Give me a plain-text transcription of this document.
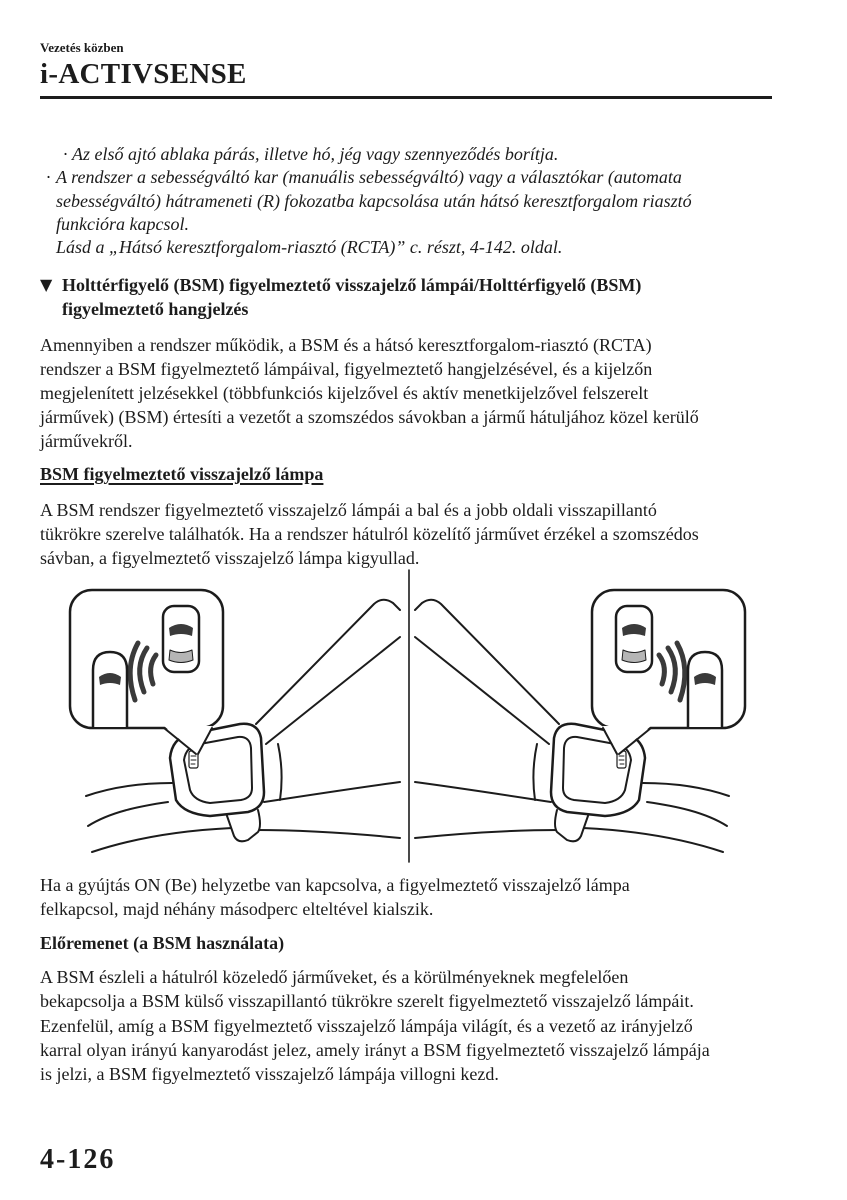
Vezetés közben
i-ACTIVSENSE
· Az első ajtó ablaka párás, illetve hó, jég vagy szennyeződés borítja.
· A rendszer a sebességváltó kar (manuális sebességváltó) vagy a választókar (automata
sebességváltó) hátrameneti (R) fokozatba kapcsolása után hátsó keresztforgalom riasztó
funkcióra kapcsol.
Lásd a „Hátsó keresztforgalom-riasztó (RCTA)” c. részt, 4-142. oldal.
▼ Holttérfigyelő (BSM) figyelmeztető visszajelző lámpái/Holttérfigyelő (BSM)
figyelmeztető hangjelzés
Amennyiben a rendszer működik, a BSM és a hátsó keresztforgalom-riasztó (RCTA)
rendszer a BSM figyelmeztető lámpáival, figyelmeztető hangjelzésével, és a kijelzőn
megjelenített jelzésekkel (többfunkciós kijelzővel és aktív menetkijelzővel felszerelt
járművek) (BSM) értesíti a vezetőt a szomszédos sávokban a jármű hátuljához közel kerülő
járművekről.
BSM figyelmeztető visszajelző lámpa
A BSM rendszer figyelmeztető visszajelző lámpái a bal és a jobb oldali visszapillantó
tükrökre szerelve találhatók. Ha a rendszer hátulról közelítő járművet érzékel a szomszédos
sávban, a figyelmeztető visszajelző lámpa kigyullad.
Ha a gyújtás ON (Be) helyzetbe van kapcsolva, a figyelmeztető visszajelző lámpa
felkapcsol, majd néhány másodperc elteltével kialszik.
Előremenet (a BSM használata)
A BSM észleli a hátulról közeledő járműveket, és a körülményeknek megfelelően
bekapcsolja a BSM külső visszapillantó tükrökre szerelt figyelmeztető visszajelző lámpáit.
Ezenfelül, amíg a BSM figyelmeztető visszajelző lámpája világít, és a vezető az irányjelző
karral olyan irányú kanyarodást jelez, amely irányt a BSM figyelmeztető visszajelző lámpája
is jelzi, a BSM figyelmeztető visszajelző lámpája villogni kezd.
4-126
